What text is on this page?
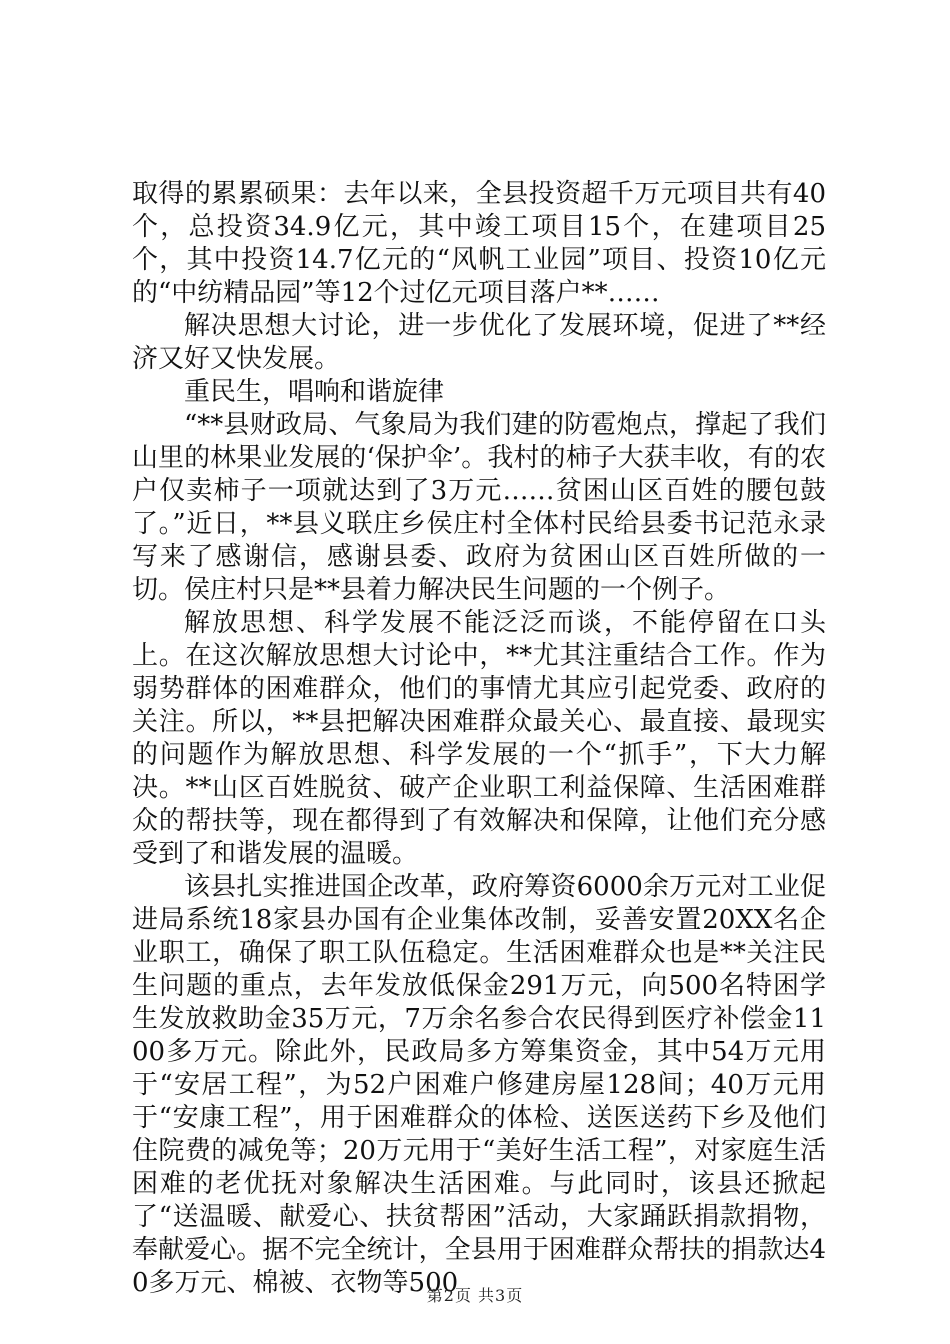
取得的累累硕果：去年以来，全县投资超千万元项目共有40个，总投资34.9亿元，其中竣工项目15个，在建项目25个，其中投资14.7亿元的“风帆工业园”项目、投资10亿元的“中纺精品园”等12个过亿元项目落户**……

解决思想大讨论，进一步优化了发展环境，促进了**经济又好又快发展。

重民生，唱响和谐旋律

“**县财政局、气象局为我们建的防雹炮点，撑起了我们山里的林果业发展的‘保护伞’。我村的柿子大获丰收，有的农户仅卖柿子一项就达到了3万元……贫困山区百姓的腰包鼓了。”近日，**县义联庄乡侯庄村全体村民给县委书记范永录写来了感谢信，感谢县委、政府为贫困山区百姓所做的一切。侯庄村只是**县着力解决民生问题的一个例子。

解放思想、科学发展不能泛泛而谈，不能停留在口头上。在这次解放思想大讨论中，**尤其注重结合工作。作为弱势群体的困难群众，他们的事情尤其应引起党委、政府的关注。所以，**县把解决困难群众最关心、最直接、最现实的问题作为解放思想、科学发展的一个“抓手”，下大力解决。**山区百姓脱贫、破产企业职工利益保障、生活困难群众的帮扶等，现在都得到了有效解决和保障，让他们充分感受到了和谐发展的温暖。

该县扎实推进国企改革，政府筹资6000余万元对工业促进局系统18家县办国有企业集体改制，妥善安置20XX名企业职工，确保了职工队伍稳定。生活困难群众也是**关注民生问题的重点，去年发放低保金291万元，向500名特困学生发放救助金35万元，7万余名参合农民得到医疗补偿金1100多万元。除此外，民政局多方筹集资金，其中54万元用于“安居工程”，为52户困难户修建房屋128间；40万元用于“安康工程”，用于困难群众的体检、送医送药下乡及他们住院费的减免等；20万元用于“美好生活工程”，对家庭生活困难的老优抚对象解决生活困难。与此同时，该县还掀起了“送温暖、献爱心、扶贫帮困”活动，大家踊跃捐款捐物，奉献爱心。据不完全统计，全县用于困难群众帮扶的捐款达40多万元、棉被、衣物等500

第2页 共3页
